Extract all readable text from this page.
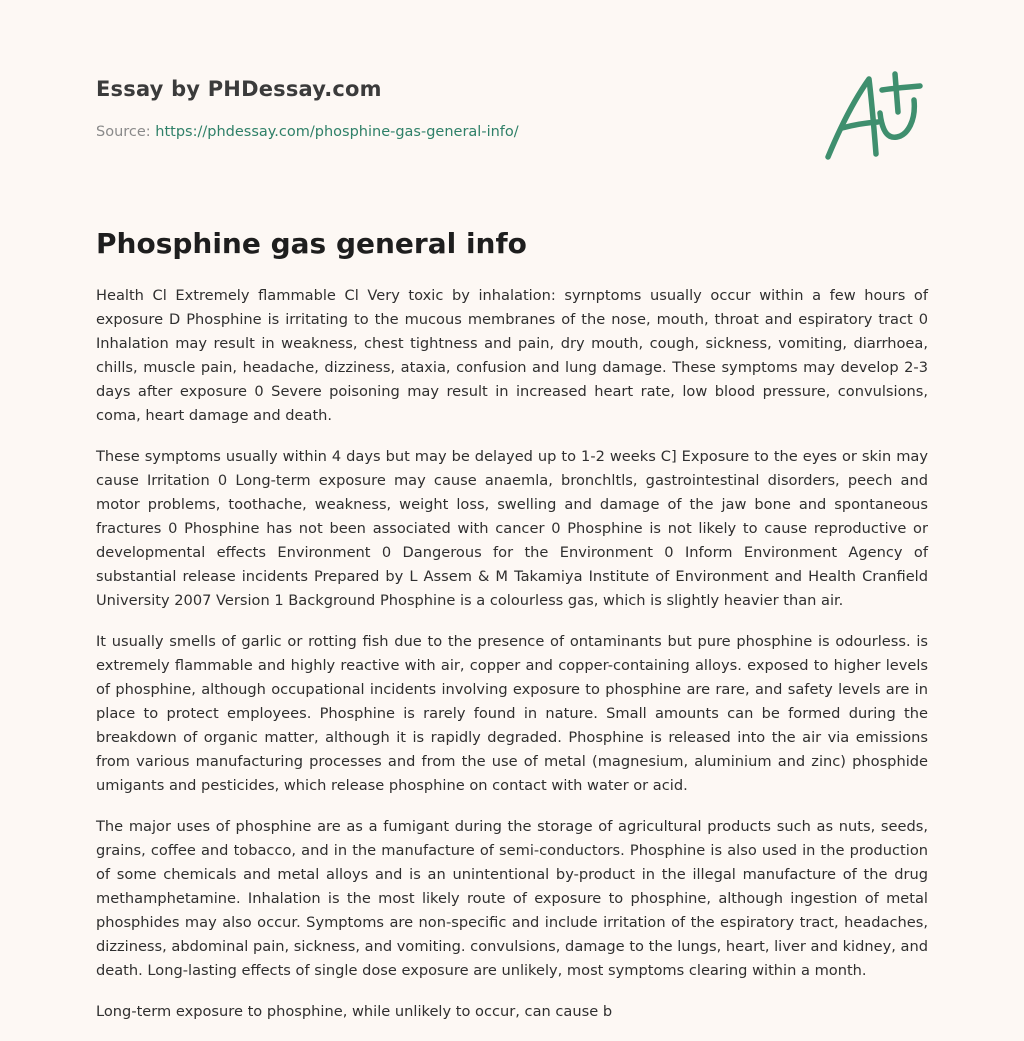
Essay by PHDessay.com
Source: https://phdessay.com/phosphine-gas-general-info/
Phosphine gas general info

Health Cl Extremely flammable Cl Very toxic by inhalation: syrnptoms usually occur within a few hours of exposure D Phosphine is irritating to the mucous membranes of the nose, mouth, throat and espiratory tract 0 Inhalation may result in weakness, chest tightness and pain, dry mouth, cough, sickness, vomiting, diarrhoea, chills, muscle pain, headache, dizziness, ataxia, confusion and lung damage. These symptoms may develop 2-3 days after exposure 0 Severe poisoning may result in increased heart rate, low blood pressure, convulsions, coma, heart damage and death.

These symptoms usually within 4 days but may be delayed up to 1-2 weeks C] Exposure to the eyes or skin may cause Irritation 0 Long-term exposure may cause anaemla, bronchltls, gastrointestinal disorders, peech and motor problems, toothache, weakness, weight loss, swelling and damage of the jaw bone and spontaneous fractures 0 Phosphine has not been associated with cancer 0 Phosphine is not likely to cause reproductive or developmental effects Environment 0 Dangerous for the Environment 0 Inform Environment Agency of substantial release incidents Prepared by L Assem & M Takamiya Institute of Environment and Health Cranfield University 2007 Version 1 Background Phosphine is a colourless gas, which is slightly heavier than air.

It usually smells of garlic or rotting fish due to the presence of ontaminants but pure phosphine is odourless. is extremely flammable and highly reactive with air, copper and copper-containing alloys. exposed to higher levels of phosphine, although occupational incidents involving exposure to phosphine are rare, and safety levels are in place to protect employees. Phosphine is rarely found in nature. Small amounts can be formed during the breakdown of organic matter, although it is rapidly degraded. Phosphine is released into the air via emissions from various manufacturing processes and from the use of metal (magnesium, aluminium and zinc) phosphide umigants and pesticides, which release phosphine on contact with water or acid.

The major uses of phosphine are as a fumigant during the storage of agricultural products such as nuts, seeds, grains, coffee and tobacco, and in the manufacture of semi-conductors. Phosphine is also used in the production of some chemicals and metal alloys and is an unintentional by-product in the illegal manufacture of the drug methamphetamine. Inhalation is the most likely route of exposure to phosphine, although ingestion of metal phosphides may also occur. Symptoms are non-specific and include irritation of the espiratory tract, headaches, dizziness, abdominal pain, sickness, and vomiting. convulsions, damage to the lungs, heart, liver and kidney, and death. Long-lasting effects of single dose exposure are unlikely, most symptoms clearing within a month.

Long-term exposure to phosphine, while unlikely to occur, can cause b
